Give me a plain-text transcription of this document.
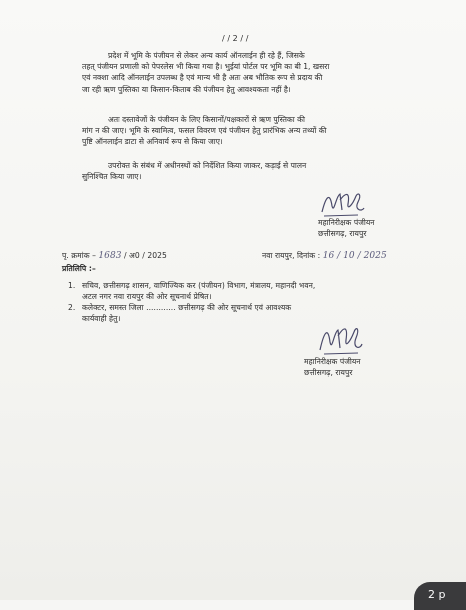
/ / 2 / /
प्रदेश में भूमि के पंजीयन से लेकर अन्य कार्य ऑनलाईन ही रहे हैं, जिसके
तहत् पंजीयन प्रणाली को पेपरलेस भी किया गया है। भुईयां पोर्टल पर भूमि का बी 1, खसरा
एवं नक्शा आदि ऑनलाईन उपलब्ध है एवं मान्य भी है अतः अब भौतिक रूप से प्रदाय की
जा रही ऋण पुस्तिका या किसान-किताब की पंजीयन हेतु आवश्यकता नहीं है।
अतः दस्तावेजों के पंजीयन के लिए किसानों/पक्षकारों से ऋण पुस्तिका की
मांग न की जाए। भूमि के स्वामित्व, फसल विवरण एवं पंजीयन हेतु प्रारंभिक अन्य तथ्यों की
पुष्टि ऑनलाईन डाटा से अनिवार्य रूप से किया जाए।
उपरोक्त के संबंध में अधीनस्थों को निर्देशित किया जाकर, कड़ाई से पालन
सुनिश्चित किया जाए।
महानिरीक्षक पंजीयन
छत्तीसगढ़, रायपुर
पृ. क्रमांक – 1683 / अ0 / 2025	नवा रायपुर, दिनांक : 16 / 10 / 2025
प्रतिलिपि :–
1. सचिव, छत्तीसगढ़ शासन, वाणिज्यिक कर (पंजीयन) विभाग, मंत्रालय, महानदी भवन,
अटल नगर नवा रायपुर की ओर सूचनार्थ प्रेषित।
2. कलेक्टर, समस्त जिला ............ छत्तीसगढ़ की ओर सूचनार्थ एवं आवश्यक
कार्यवाही हेतु।
महानिरीक्षक पंजीयन
छत्तीसगढ़, रायपुर
2 p
